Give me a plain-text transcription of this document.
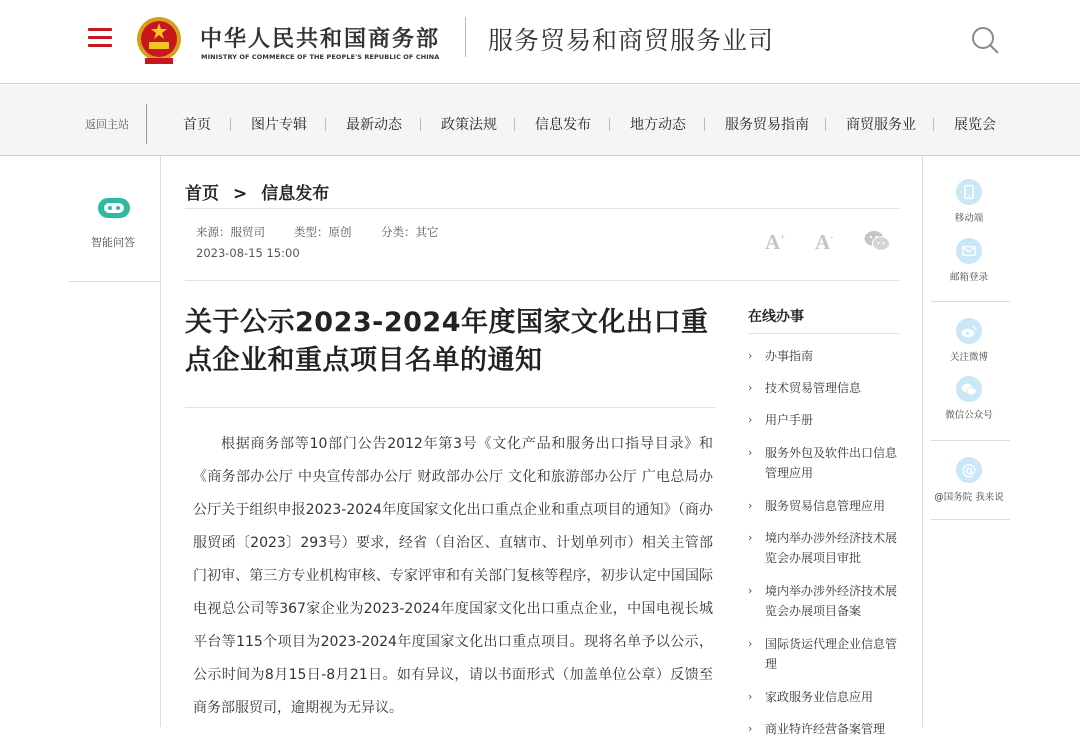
中华人民共和国商务部
MINISTRY OF COMMERCE OF THE PEOPLE'S REPUBLIC OF CHINA
服务贸易和商贸服务业司
返回主站	首页	图片专辑	最新动态	政策法规	信息发布	地方动态	服务贸易指南	商贸服务业	展览会
智能问答
移动端
邮箱登录
关注微博
微信公众号
@
@国务院 我来说
首页 > 信息发布
来源：服贸司	类型：原创	分类：其它
2023-08-15 15:00	A+ A-
关于公示2023-2024年度国家文化出口重点企业和重点项目名单的通知

根据商务部等10部门公告2012年第3号《文化产品和服务出口指导目录》和《商务部办公厅 中央宣传部办公厅 财政部办公厅 文化和旅游部办公厅 广电总局办公厅关于组织申报2023-2024年度国家文化出口重点企业和重点项目的通知》（商办服贸函〔2023〕293号）要求，经省（自治区、直辖市、计划单列市）相关主管部门初审、第三方专业机构审核、专家评审和有关部门复核等程序，初步认定中国国际电视总公司等367家企业为2023-2024年度国家文化出口重点企业，中国电视长城平台等115个项目为2023-2024年度国家文化出口重点项目。现将名单予以公示，公示时间为8月15日-8月21日。如有异议，请以书面形式（加盖单位公章）反馈至商务部服贸司，逾期视为无异议。

在线办事
› 办事指南
› 技术贸易管理信息
› 用户手册
› 服务外包及软件出口信息管理应用
› 服务贸易信息管理应用
› 境内举办涉外经济技术展览会办展项目审批
› 境内举办涉外经济技术展览会办展项目备案
› 国际货运代理企业信息管理
› 家政服务业信息应用
› 商业特许经营备案管理
